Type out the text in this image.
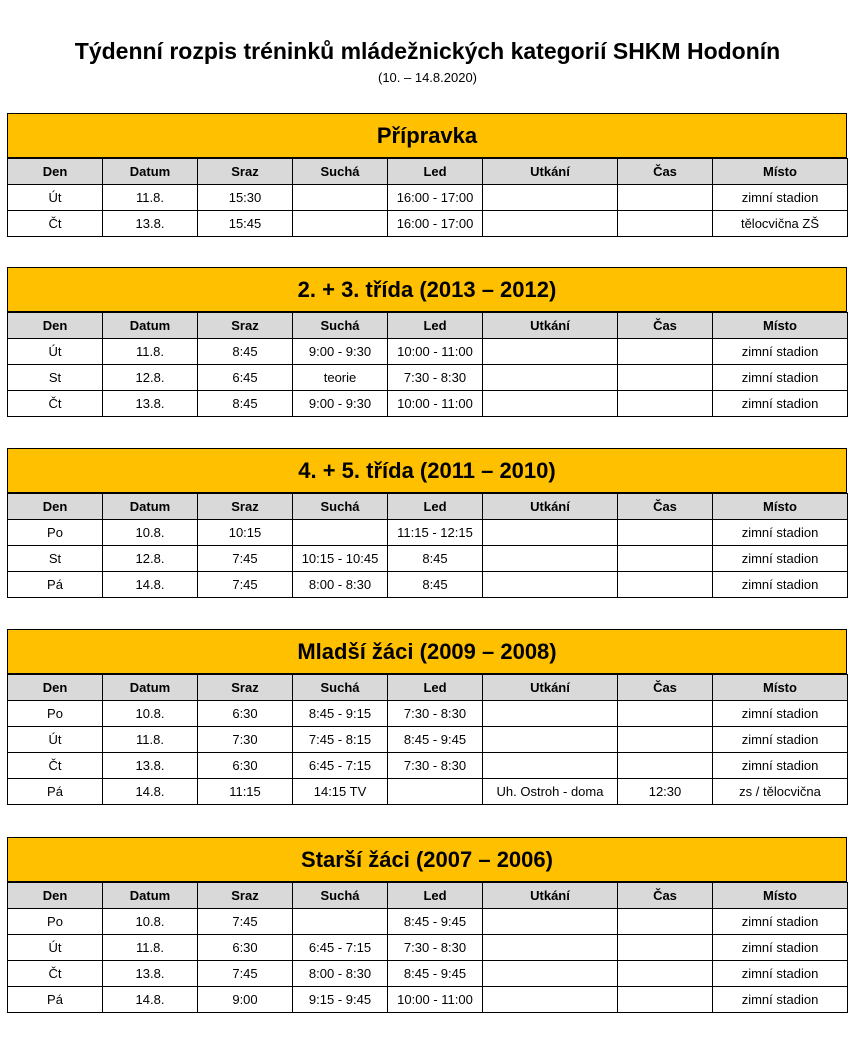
Týdenní rozpis tréninků mládežnických kategorií SHKM Hodonín
(10. – 14.8.2020)
Přípravka
Den	Datum	Sraz	Suchá	Led	Utkání	Čas	Místo
Út	11.8.	15:30		16:00 - 17:00			zimní stadion
Čt	13.8.	15:45		16:00 - 17:00			tělocvična ZŠ
2. + 3. třída (2013 – 2012)
Den	Datum	Sraz	Suchá	Led	Utkání	Čas	Místo
Út	11.8.	8:45	9:00 - 9:30	10:00 - 11:00			zimní stadion
St	12.8.	6:45	teorie	7:30 - 8:30			zimní stadion
Čt	13.8.	8:45	9:00 - 9:30	10:00 - 11:00			zimní stadion
4. + 5. třída (2011 – 2010)
Den	Datum	Sraz	Suchá	Led	Utkání	Čas	Místo
Po	10.8.	10:15		11:15 - 12:15			zimní stadion
St	12.8.	7:45	10:15 - 10:45	8:45			zimní stadion
Pá	14.8.	7:45	8:00 - 8:30	8:45			zimní stadion
Mladší žáci (2009 – 2008)
Den	Datum	Sraz	Suchá	Led	Utkání	Čas	Místo
Po	10.8.	6:30	8:45 - 9:15	7:30 - 8:30			zimní stadion
Út	11.8.	7:30	7:45 - 8:15	8:45 - 9:45			zimní stadion
Čt	13.8.	6:30	6:45 - 7:15	7:30 - 8:30			zimní stadion
Pá	14.8.	11:15	14:15 TV		Uh. Ostroh - doma	12:30	zs / tělocvična
Starší žáci (2007 – 2006)
Den	Datum	Sraz	Suchá	Led	Utkání	Čas	Místo
Po	10.8.	7:45		8:45 - 9:45			zimní stadion
Út	11.8.	6:30	6:45 - 7:15	7:30 - 8:30			zimní stadion
Čt	13.8.	7:45	8:00 - 8:30	8:45 - 9:45			zimní stadion
Pá	14.8.	9:00	9:15 - 9:45	10:00 - 11:00			zimní stadion
